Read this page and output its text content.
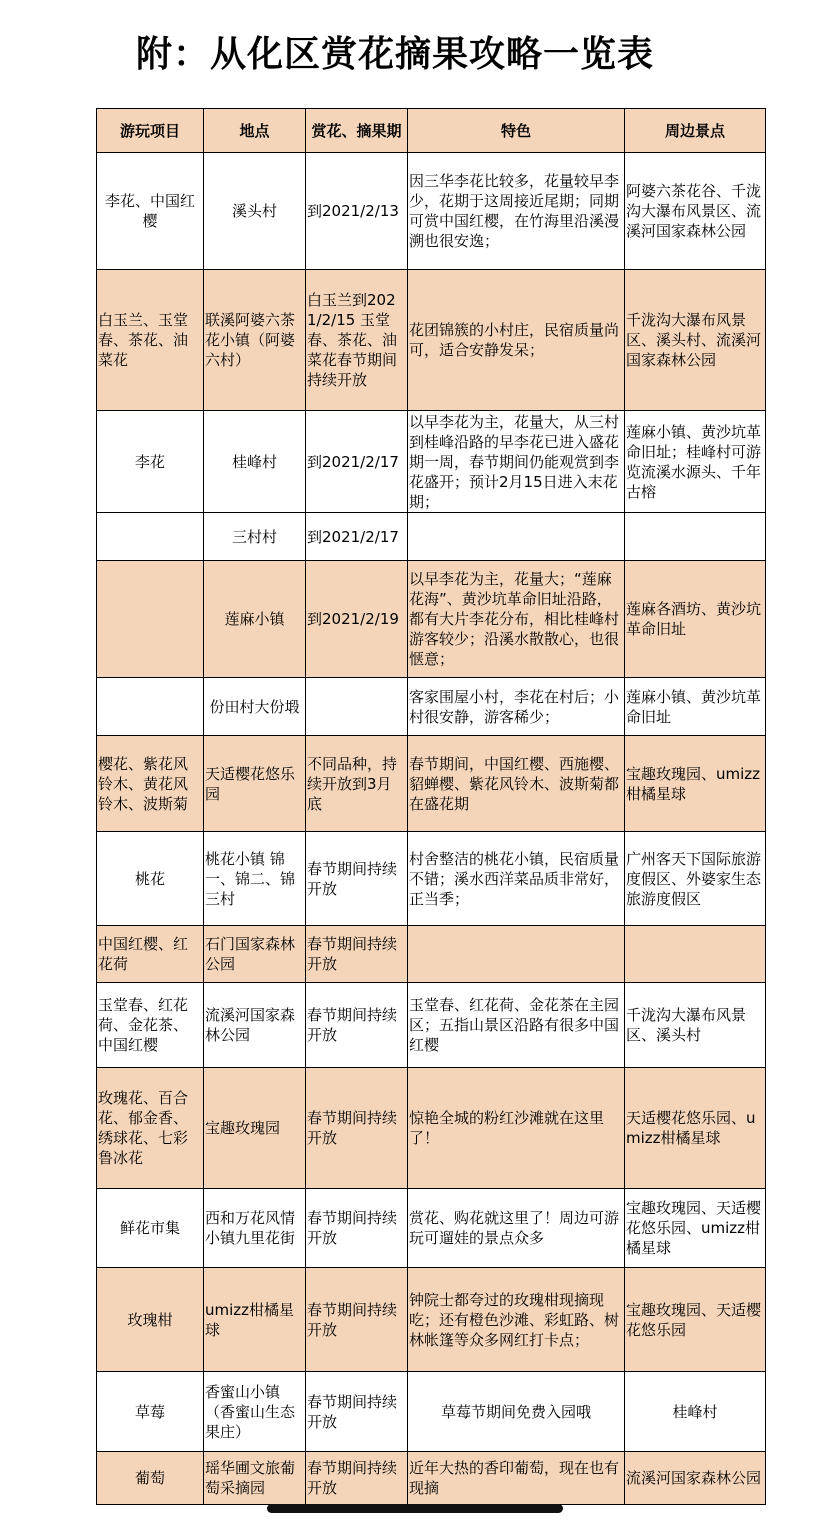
附：从化区赏花摘果攻略一览表
游玩项目	地点	赏花、摘果期	特色	周边景点
李花、中国红樱	溪头村	到2021/2/13	因三华李花比较多，花量较早李少，花期于这周接近尾期；同期可赏中国红樱，在竹海里沿溪漫溯也很安逸；	阿婆六茶花谷、千泷沟大瀑布风景区、流溪河国家森林公园
白玉兰、玉堂春、茶花、油菜花	联溪阿婆六茶花小镇（阿婆六村）	白玉兰到2021/2/15 玉堂春、茶花、油菜花春节期间持续开放	花团锦簇的小村庄，民宿质量尚可，适合安静发呆；	千泷沟大瀑布风景区、溪头村、流溪河国家森林公园
李花	桂峰村	到2021/2/17	以早李花为主，花量大，从三村到桂峰沿路的早李花已进入盛花期一周，春节期间仍能观赏到李花盛开；预计2月15日进入末花期；	莲麻小镇、黄沙坑革命旧址；桂峰村可游览流溪水源头、千年古榕
	三村村	到2021/2/17		
	莲麻小镇	到2021/2/19	以早李花为主，花量大；“莲麻花海”、黄沙坑革命旧址沿路，都有大片李花分布，相比桂峰村游客较少；沿溪水散散心，也很惬意；	莲麻各酒坊、黄沙坑革命旧址
	份田村大份塅		客家围屋小村，李花在村后；小村很安静，游客稀少；	莲麻小镇、黄沙坑革命旧址
樱花、紫花风铃木、黄花风铃木、波斯菊	天适樱花悠乐园	不同品种，持续开放到3月底	春节期间，中国红樱、西施樱、貂蝉樱、紫花风铃木、波斯菊都在盛花期	宝趣玫瑰园、umizz柑橘星球
桃花	桃花小镇 锦一、锦二、锦三村	春节期间持续开放	村舍整洁的桃花小镇，民宿质量不错；溪水西洋菜品质非常好，正当季；	广州客天下国际旅游度假区、外婆家生态旅游度假区
中国红樱、红花荷	石门国家森林公园	春节期间持续开放		
玉堂春、红花荷、金花茶、中国红樱	流溪河国家森林公园	春节期间持续开放	玉堂春、红花荷、金花茶在主园区；五指山景区沿路有很多中国红樱	千泷沟大瀑布风景区、溪头村
玫瑰花、百合花、郁金香、绣球花、七彩鲁冰花	宝趣玫瑰园	春节期间持续开放	惊艳全城的粉红沙滩就在这里了！	天适樱花悠乐园、umizz柑橘星球
鲜花市集	西和万花风情小镇九里花街	春节期间持续开放	赏花、购花就这里了！周边可游玩可遛娃的景点众多	宝趣玫瑰园、天适樱花悠乐园、umizz柑橘星球
玫瑰柑	umizz柑橘星球	春节期间持续开放	钟院士都夸过的玫瑰柑现摘现吃；还有橙色沙滩、彩虹路、树林帐篷等众多网红打卡点；	宝趣玫瑰园、天适樱花悠乐园
草莓	香蜜山小镇（香蜜山生态果庄）	春节期间持续开放	草莓节期间免费入园哦	桂峰村
葡萄	瑶华圃文旅葡萄采摘园	春节期间持续开放	近年大热的香印葡萄，现在也有现摘	流溪河国家森林公园
